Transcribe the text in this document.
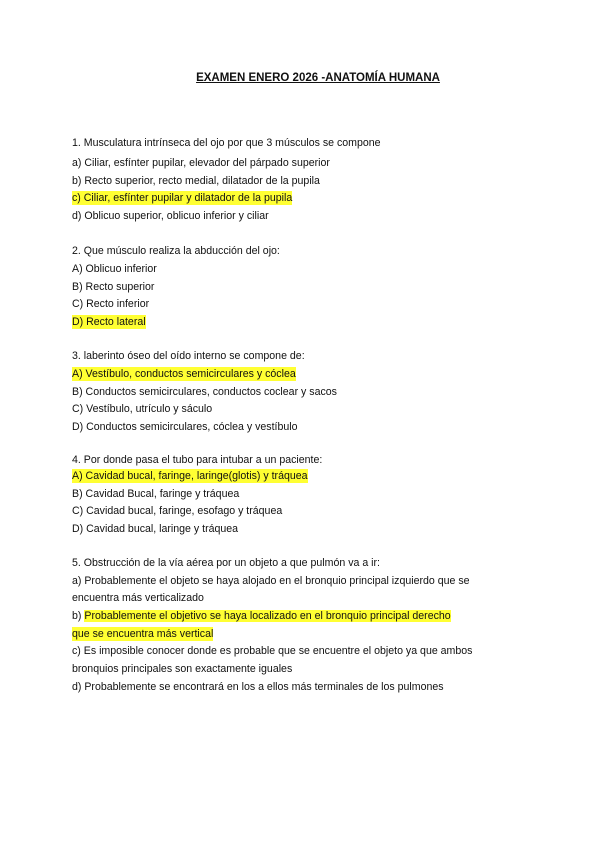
EXAMEN ENERO 2026 -ANATOMÍA HUMANA
1. Musculatura intrínseca del ojo por que 3 músculos se compone
a) Ciliar, esfínter pupilar, elevador del párpado superior
b) Recto superior, recto medial, dilatador de la pupila
c) Ciliar, esfínter pupilar y dilatador de la pupila
d) Oblicuo superior, oblicuo inferior y ciliar
2. Que músculo realiza la abducción del ojo:
A) Oblicuo inferior
B) Recto superior
C) Recto inferior
D) Recto lateral
3. laberinto óseo del oído interno se compone de:
A) Vestíbulo, conductos semicirculares y cóclea
B) Conductos semicirculares, conductos coclear y sacos
C) Vestíbulo, utrículo y sáculo
D) Conductos semicirculares, cóclea y vestíbulo
4. Por donde pasa el tubo para intubar a un paciente:
A) Cavidad bucal, faringe, laringe(glotis) y tráquea
B) Cavidad Bucal, faringe y tráquea
C) Cavidad bucal, faringe, esofago y tráquea
D) Cavidad bucal, laringe y tráquea
5. Obstrucción de la vía aérea por un objeto a que pulmón va a ir:
a) Probablemente el objeto se haya alojado en el bronquio principal izquierdo que se
encuentra más verticalizado
b) Probablemente el objetivo se haya localizado en el bronquio principal derecho
que se encuentra más vertical
c) Es imposible conocer donde es probable que se encuentre el objeto ya que ambos
bronquios principales son exactamente iguales
d) Probablemente se encontrará en los a ellos más terminales de los pulmones
